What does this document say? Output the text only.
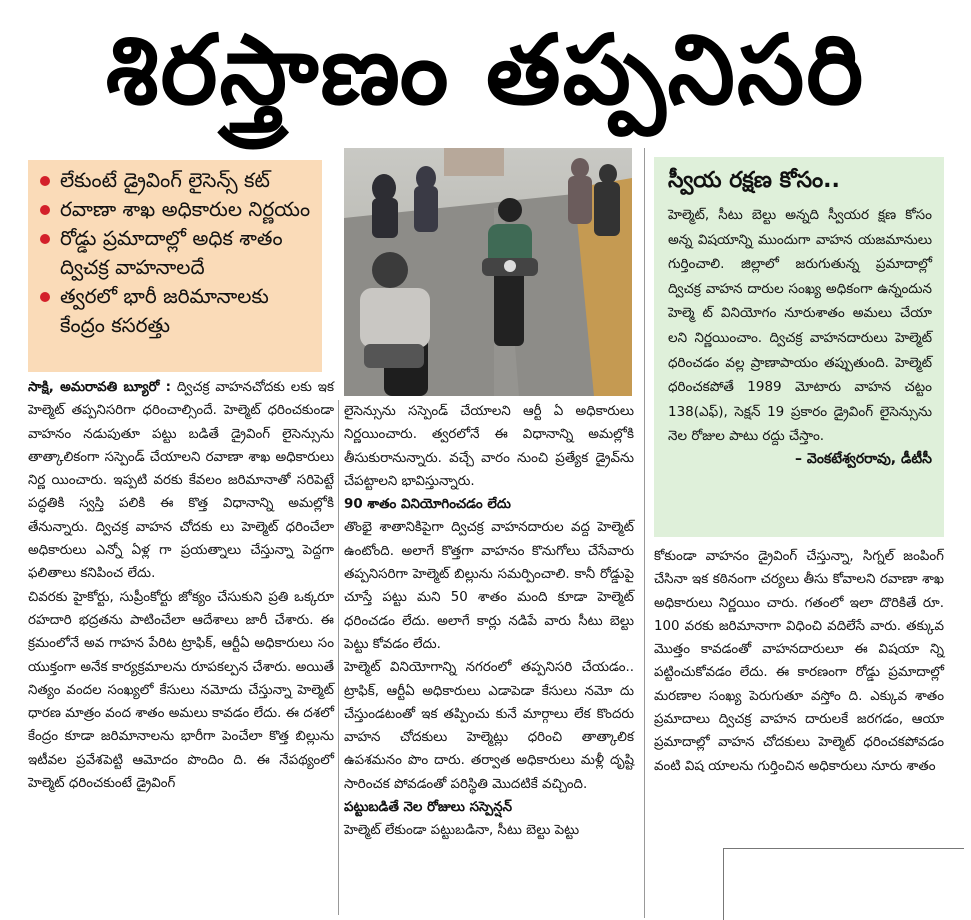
శిరస్త్రాణం తప్పనిసరి
లేకుంటే డ్రైవింగ్ లైసెన్స్ కట్
రవాణా శాఖ అధికారుల నిర్ణయం
రోడ్డు ప్రమాదాల్లో అధిక శాతం ద్విచక్ర వాహనాలదే
త్వరలో భారీ జరిమానాలకు కేంద్రం కసరత్తు
స్వీయ రక్షణ కోసం..

హెల్మెట్, సీటు బెల్టు అన్నది స్వీయర క్షణ కోసం అన్న విషయాన్ని ముందుగా వాహన యజమానులు గుర్తించాలి. జిల్లాలో జరుగుతున్న ప్రమాదాల్లో ద్విచక్ర వాహన దారుల సంఖ్య అధికంగా ఉన్నందున హెల్మె ట్ వినియోగం నూరుశాతం అమలు చేయా లని నిర్ణయించాం. ద్విచక్ర వాహనదారులు హెల్మెట్ ధరించడం వల్ల ప్రాణాపాయం తప్పుతుంది. హెల్మెట్ ధరించకపోతే 1989 మోటారు వాహన చట్టం 138(ఎఫ్), సెక్షన్ 19 ప్రకారం డ్రైవింగ్ లైసెన్సును నెల రోజుల పాటు రద్దు చేస్తాం.

– వెంకటేశ్వరరావు, డీటీసీ

సాక్షి, అమరావతి బ్యూరో : ద్విచక్ర వాహనచోదకు లకు ఇక హెల్మెట్ తప్పనిసరిగా ధరించాల్సిందే. హెల్మెట్ ధరించకుండా వాహనం నడుపుతూ పట్టు బడితే డ్రైవింగ్ లైసెన్సును తాత్కాలికంగా సస్పెండ్ చేయాలని రవాణా శాఖ అధికారులు నిర్ణ యించారు. ఇప్పటి వరకు కేవలం జరిమానాతో సరిపెట్టే పద్ధతికి స్వస్తి పలికి ఈ కొత్త విధానాన్ని అమల్లోకి తేనున్నారు. ద్విచక్ర వాహన చోదకు లు హెల్మెట్ ధరించేలా అధికారులు ఎన్నో ఏళ్ల గా ప్రయత్నాలు చేస్తున్నా పెద్దగా ఫలితాలు కనిపించ లేదు.

చివరకు హైకోర్టు, సుప్రీంకోర్టు జోక్యం చేసుకుని ప్రతి ఒక్కరూ రహదారి భద్రతను పాటించేలా ఆదేశాలు జారీ చేశారు. ఈ క్రమంలోనే అవ గాహన పేరిట ట్రాఫిక్, ఆర్టీఏ అధికారులు సం యుక్తంగా అనేక కార్యక్రమాలను రూపకల్పన చేశారు. అయితే నిత్యం వందల సంఖ్యలో కేసులు నమోదు చేస్తున్నా హెల్మెట్ ధారణ మాత్రం వంద శాతం అమలు కావడం లేదు. ఈ దశలో కేంద్రం కూడా జరిమానాలను భారీగా పెంచేలా కొత్త బిల్లును ఇటీవల ప్రవేశపెట్టి ఆమోదం పొందిం ది. ఈ నేపథ్యంలో హెల్మెట్ ధరించకుంటే డ్రైవింగ్

లైసెన్సును సస్పెండ్ చేయాలని ఆర్టీ ఏ అధికారులు నిర్ణయించారు. త్వరలోనే ఈ విధానాన్ని అమల్లోకి తీసుకురానున్నారు. వచ్చే వారం నుంచి ప్రత్యేక డ్రైవ్‌ను చేపట్టాలని భావిస్తున్నారు.

90 శాతం వినియోగించడం లేదు

తొంభై శాతానికిపైగా ద్విచక్ర వాహనదారుల వద్ద హెల్మెట్ ఉంటోంది. అలాగే కొత్తగా వాహనం కొనుగోలు చేసేవారు తప్పనిసరిగా హెల్మెట్ బిల్లును సమర్పించాలి. కానీ రోడ్డుపై చూస్తే పట్టు మని 50 శాతం మంది కూడా హెల్మెట్ ధరించడం లేదు. అలాగే కార్లు నడిపే వారు సీటు బెల్టు పెట్టు కోవడం లేదు.

హెల్మెట్ వినియోగాన్ని నగరంలో తప్పనిసరి చేయడం.. ట్రాఫిక్, ఆర్టీఏ అధికారులు ఎడాపెడా కేసులు నమో దు చేస్తుండటంతో ఇక తప్పించు కునే మార్గాలు లేక కొందరు వాహన చోదకులు హెల్మెట్లు ధరించి తాత్కాలిక ఉపశమనం పొం దారు. తర్వాత అధికారులు మళ్లీ దృష్టి సారించక పోవడంతో పరిస్థితి మొదటికే వచ్చింది.

పట్టుబడితే నెల రోజులు సస్పెన్షన్

హెల్మెట్ లేకుండా పట్టుబడినా, సీటు బెల్టు పెట్టు

కోకుండా వాహనం డ్రైవింగ్ చేస్తున్నా, సిగ్నల్ జంపింగ్ చేసినా ఇక కఠినంగా చర్యలు తీసు కోవాలని రవాణా శాఖ అధికారులు నిర్ణయిం చారు. గతంలో ఇలా దొరికితే రూ. 100 వరకు జరిమానాగా విధించి వదిలేసే వారు. తక్కువ మొత్తం కావడంతో వాహనదారులూ ఈ విషయా న్ని పట్టించుకోవడం లేదు. ఈ కారణంగా రోడ్డు ప్రమాదాల్లో మరణాల సంఖ్య పెరుగుతూ వస్తోం ది. ఎక్కువ శాతం ప్రమాదాలు ద్విచక్ర వాహన దారులకే జరగడం, ఆయా ప్రమాదాల్లో వాహన చోదకులు హెల్మెట్ ధరించకపోవడం వంటి విష యాలను గుర్తించిన అధికారులు నూరు శాతం
